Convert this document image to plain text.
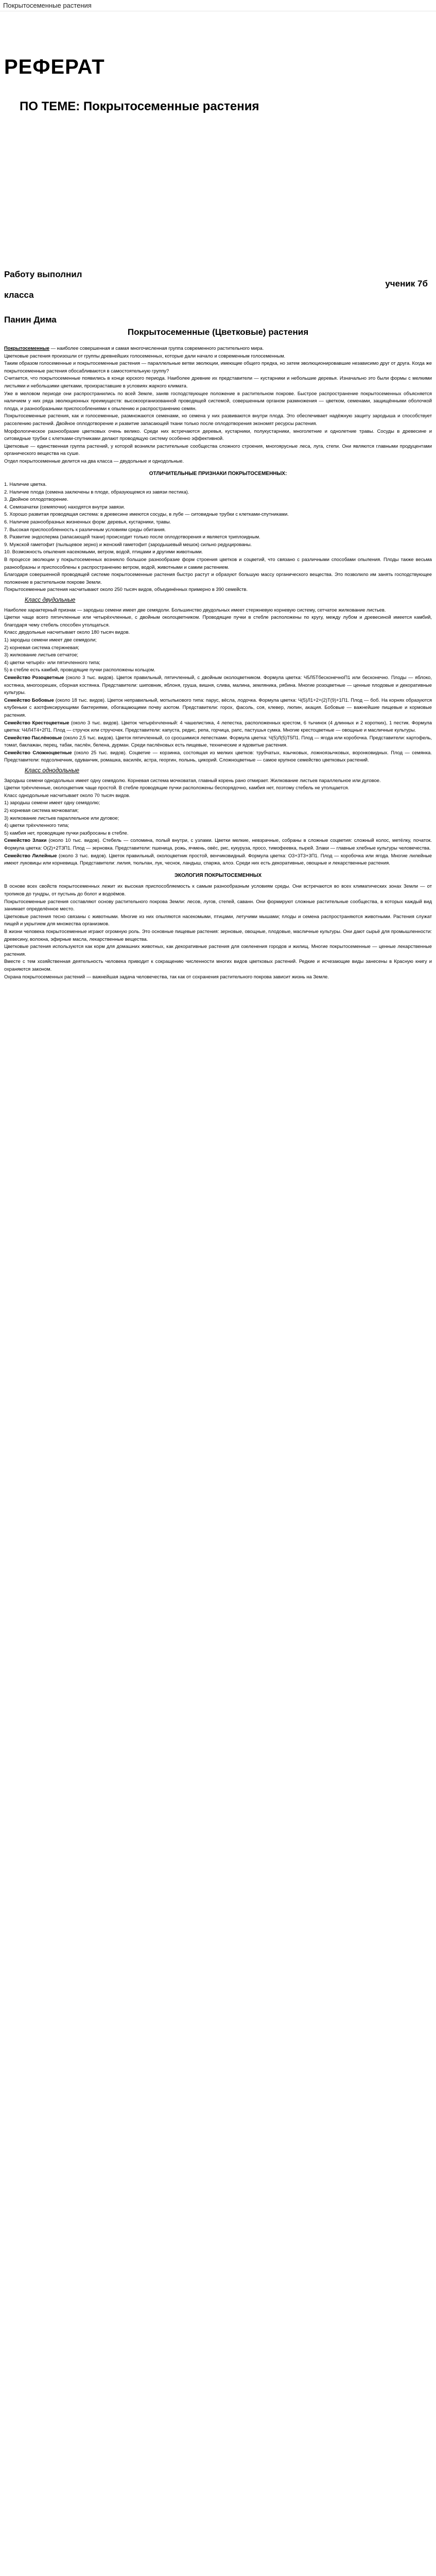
Покрытосеменные растения
РЕФЕРАТ
ПО ТЕМЕ: Покрытосеменные растения
Работу выполнил
ученик 7б
класса
Панин Дима
Покрытосеменные (Цветковые) растения

Покрытосеменные — наиболее совершенная и самая многочисленная группа современного растительного мира.

Цветковые растения произошли от группы древнейших голосеменных, которые дали начало и современным голосеменным.

Таким образом голосеменные и покрытосеменные растения — параллельные ветви эволюции, имеющие общего предка, но затем эволюционировавшие независимо друг от друга. Когда же покрытосеменные растения обосабливаются в самостоятельную группу?

Считается, что покрытосеменные появились в конце юрского периода. Наиболее древние их представители — кустарники и небольшие деревья. Изначально это были формы с мелкими листьями и небольшими цветками, произраставшие в условиях жаркого климата.

Уже в меловом периоде они распространились по всей Земле, заняв господствующее положение в растительном покрове. Быстрое распространение покрытосеменных объясняется наличием у них ряда эволюционных преимуществ: высокоорганизованной проводящей системой, совершенным органом размножения — цветком, семенами, защищёнными оболочкой плода, и разнообразными приспособлениями к опылению и распространению семян.

Покрытосеменные растения, как и голосеменные, размножаются семенами, но семена у них развиваются внутри плода. Это обеспечивает надёжную защиту зародыша и способствует расселению растений. Двойное оплодотворение и развитие запасающей ткани только после оплодотворения экономят ресурсы растения.

Морфологическое разнообразие цветковых очень велико. Среди них встречаются деревья, кустарники, полукустарники, многолетние и однолетние травы. Сосуды в древесине и ситовидные трубки с клетками-спутниками делают проводящую систему особенно эффективной.

Цветковые — единственная группа растений, у которой возникли растительные сообщества сложного строения, многоярусные леса, луга, степи. Они являются главными продуцентами органического вещества на суше.

Отдел покрытосеменные делится на два класса — двудольные и однодольные.

ОТЛИЧИТЕЛЬНЫЕ ПРИЗНАКИ ПОКРЫТОСЕМЕННЫХ:

1. Наличие цветка.

2. Наличие плода (семена заключены в плоде, образующемся из завязи пестика).

3. Двойное оплодотворение.

4. Семязачатки (семяпочки) находятся внутри завязи.

5. Хорошо развитая проводящая система: в древесине имеются сосуды, в лубе — ситовидные трубки с клетками-спутниками.

6. Наличие разнообразных жизненных форм: деревья, кустарники, травы.

7. Высокая приспособленность к различным условиям среды обитания.

8. Развитие эндосперма (запасающей ткани) происходит только после оплодотворения и является триплоидным.

9. Мужской гаметофит (пыльцевое зерно) и женский гаметофит (зародышевый мешок) сильно редуцированы.

10. Возможность опыления насекомыми, ветром, водой, птицами и другими животными.

В процессе эволюции у покрытосеменных возникло большое разнообразие форм строения цветков и соцветий, что связано с различными способами опыления. Плоды также весьма разнообразны и приспособлены к распространению ветром, водой, животными и самим растением.

Благодаря совершенной проводящей системе покрытосеменные растения быстро растут и образуют большую массу органического вещества. Это позволило им занять господствующее положение в растительном покрове Земли.

Покрытосеменные растения насчитывают около 250 тысяч видов, объединённых примерно в 390 семейств.

Класс двудольные

Наиболее характерный признак — зародыш семени имеет две семядоли. Большинство двудольных имеет стержневую корневую систему, сетчатое жилкование листьев.

Цветки чаще всего пятичленные или четырёхчленные, с двойным околоцветником. Проводящие пучки в стебле расположены по кругу, между лубом и древесиной имеется камбий, благодаря чему стебель способен утолщаться.

Класс двудольные насчитывает около 180 тысяч видов.

1) зародыш семени имеет две семядоли;

2) корневая система стержневая;

3) жилкование листьев сетчатое;

4) цветки четырёх- или пятичленного типа;

5) в стебле есть камбий, проводящие пучки расположены кольцом.

Семейство Розоцветные (около 3 тыс. видов). Цветок правильный, пятичленный, с двойным околоцветником. Формула цветка: Ч5Л5ТбесконечноП1 или бесконечно. Плоды — яблоко, костянка, многоорешек, сборная костянка. Представители: шиповник, яблоня, груша, вишня, слива, малина, земляника, рябина. Многие розоцветные — ценные плодовые и декоративные культуры.

Семейство Бобовые (около 18 тыс. видов). Цветок неправильный, мотылькового типа: парус, вёсла, лодочка. Формула цветка: Ч(5)Л1+2+(2)Т(9)+1П1. Плод — боб. На корнях образуются клубеньки с азотфиксирующими бактериями, обогащающими почву азотом. Представители: горох, фасоль, соя, клевер, люпин, акация. Бобовые — важнейшие пищевые и кормовые растения.

Семейство Крестоцветные (около 3 тыс. видов). Цветок четырёхчленный: 4 чашелистика, 4 лепестка, расположенных крестом, 6 тычинок (4 длинных и 2 коротких), 1 пестик. Формула цветка: Ч4Л4Т4+2П1. Плод — стручок или стручочек. Представители: капуста, редис, репа, горчица, рапс, пастушья сумка. Многие крестоцветные — овощные и масличные культуры.

Семейство Паслёновые (около 2,5 тыс. видов). Цветок пятичленный, со сросшимися лепестками. Формула цветка: Ч(5)Л(5)Т5П1. Плод — ягода или коробочка. Представители: картофель, томат, баклажан, перец, табак, паслён, белена, дурман. Среди паслёновых есть пищевые, технические и ядовитые растения.

Семейство Сложноцветные (около 25 тыс. видов). Соцветие — корзинка, состоящая из мелких цветков: трубчатых, язычковых, ложноязычковых, воронковидных. Плод — семянка. Представители: подсолнечник, одуванчик, ромашка, василёк, астра, георгин, полынь, цикорий. Сложноцветные — самое крупное семейство цветковых растений.

Класс однодольные

Зародыш семени однодольных имеет одну семядолю. Корневая система мочковатая, главный корень рано отмирает. Жилкование листьев параллельное или дуговое.

Цветки трёхчленные, околоцветник чаще простой. В стебле проводящие пучки расположены беспорядочно, камбия нет, поэтому стебель не утолщается.

Класс однодольные насчитывает около 70 тысяч видов.

1) зародыш семени имеет одну семядолю;

2) корневая система мочковатая;

3) жилкование листьев параллельное или дуговое;

4) цветки трёхчленного типа;

5) камбия нет, проводящие пучки разбросаны в стебле.

Семейство Злаки (около 10 тыс. видов). Стебель — соломина, полый внутри, с узлами. Цветки мелкие, невзрачные, собраны в сложные соцветия: сложный колос, метёлку, початок. Формула цветка: О(2)+2Т3П1. Плод — зерновка. Представители: пшеница, рожь, ячмень, овёс, рис, кукуруза, просо, тимофеевка, пырей. Злаки — главные хлебные культуры человечества.

Семейство Лилейные (около 3 тыс. видов). Цветок правильный, околоцветник простой, венчиковидный. Формула цветка: О3+3Т3+3П1. Плод — коробочка или ягода. Многие лилейные имеют луковицы или корневища. Представители: лилия, тюльпан, лук, чеснок, ландыш, спаржа, алоэ. Среди них есть декоративные, овощные и лекарственные растения.

ЭКОЛОГИЯ ПОКРЫТОСЕМЕННЫХ

В основе всех свойств покрытосеменных лежит их высокая приспособляемость к самым разнообразным условиям среды. Они встречаются во всех климатических зонах Земли — от тропиков до тундры, от пустынь до болот и водоёмов.

Покрытосеменные растения составляют основу растительного покрова Земли: лесов, лугов, степей, саванн. Они формируют сложные растительные сообщества, в которых каждый вид занимает определённое место.

Цветковые растения тесно связаны с животными. Многие из них опыляются насекомыми, птицами, летучими мышами; плоды и семена распространяются животными. Растения служат пищей и укрытием для множества организмов.

В жизни человека покрытосеменные играют огромную роль. Это основные пищевые растения: зерновые, овощные, плодовые, масличные культуры. Они дают сырьё для промышленности: древесину, волокна, эфирные масла, лекарственные вещества.

Цветковые растения используются как корм для домашних животных, как декоративные растения для озеленения городов и жилищ. Многие покрытосеменные — ценные лекарственные растения.

Вместе с тем хозяйственная деятельность человека приводит к сокращению численности многих видов цветковых растений. Редкие и исчезающие виды занесены в Красную книгу и охраняются законом.

Охрана покрытосеменных растений — важнейшая задача человечества, так как от сохранения растительного покрова зависит жизнь на Земле.
